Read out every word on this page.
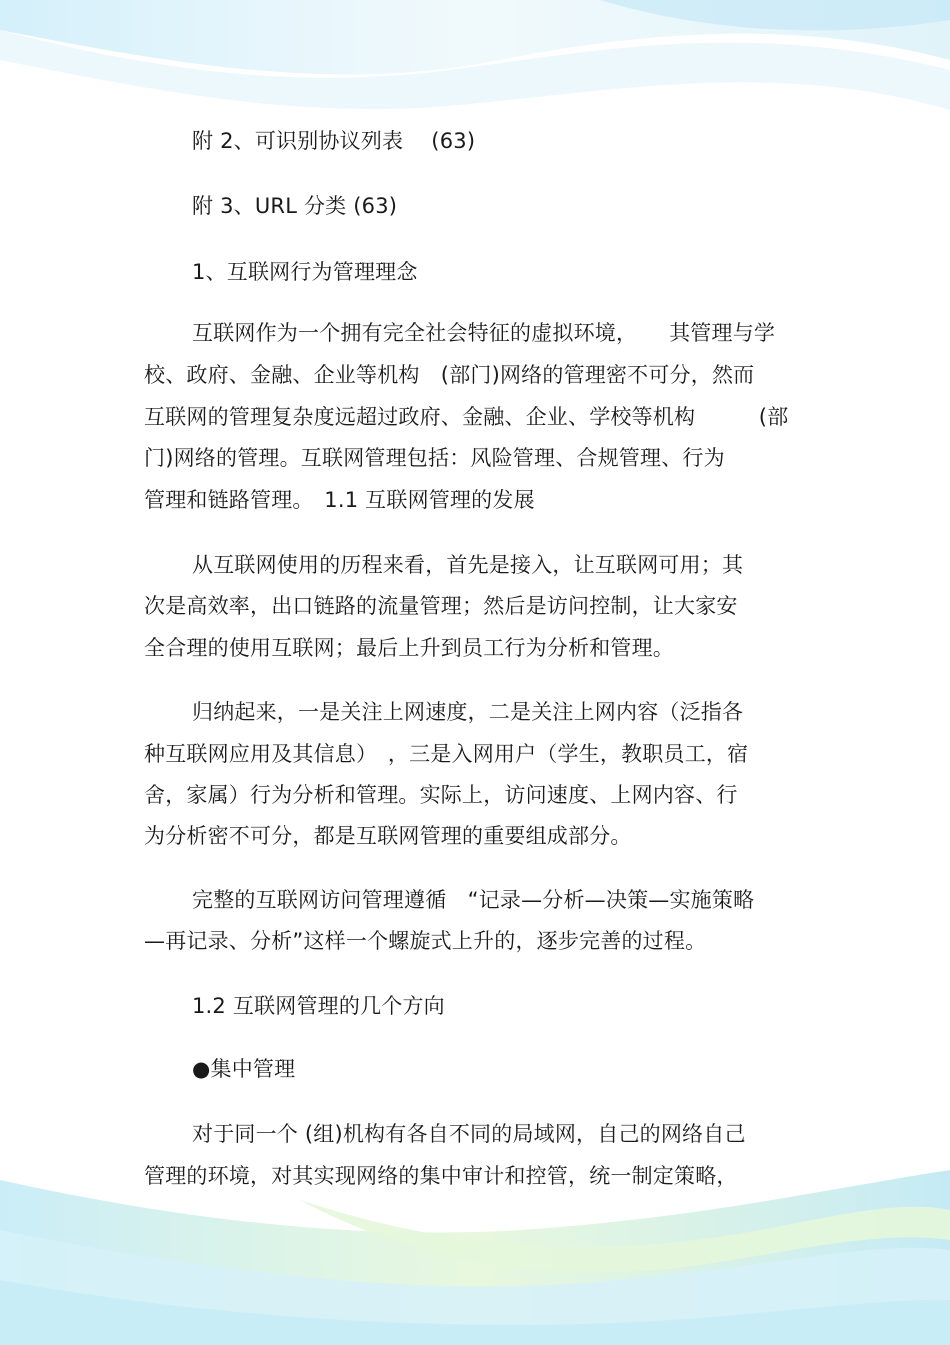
附 2、可识别协议列表　 (63)
附 3、URL 分类 (63)
1、互联网行为管理理念
互联网作为一个拥有完全社会特征的虚拟环境，　　其管理与学
校、政府、金融、企业等机构　(部门)网络的管理密不可分，然而
互联网的管理复杂度远超过政府、金融、企业、学校等机构　　　(部
门)网络的管理。互联网管理包括：风险管理、合规管理、行为
管理和链路管理。　1.1 互联网管理的发展
从互联网使用的历程来看，首先是接入，让互联网可用；其
次是高效率，出口链路的流量管理；然后是访问控制，让大家安
全合理的使用互联网；最后上升到员工行为分析和管理。
归纳起来，一是关注上网速度，二是关注上网内容（泛指各
种互联网应用及其信息）　，三是入网用户（学生，教职员工，宿
舍，家属）行为分析和管理。实际上，访问速度、上网内容、行
为分析密不可分，都是互联网管理的重要组成部分。
完整的互联网访问管理遵循　“记录—分析—决策—实施策略
—再记录、分析”这样一个螺旋式上升的，逐步完善的过程。
1.2 互联网管理的几个方向
●集中管理
对于同一个 (组)机构有各自不同的局域网，自己的网络自己
管理的环境，对其实现网络的集中审计和控管，统一制定策略，
